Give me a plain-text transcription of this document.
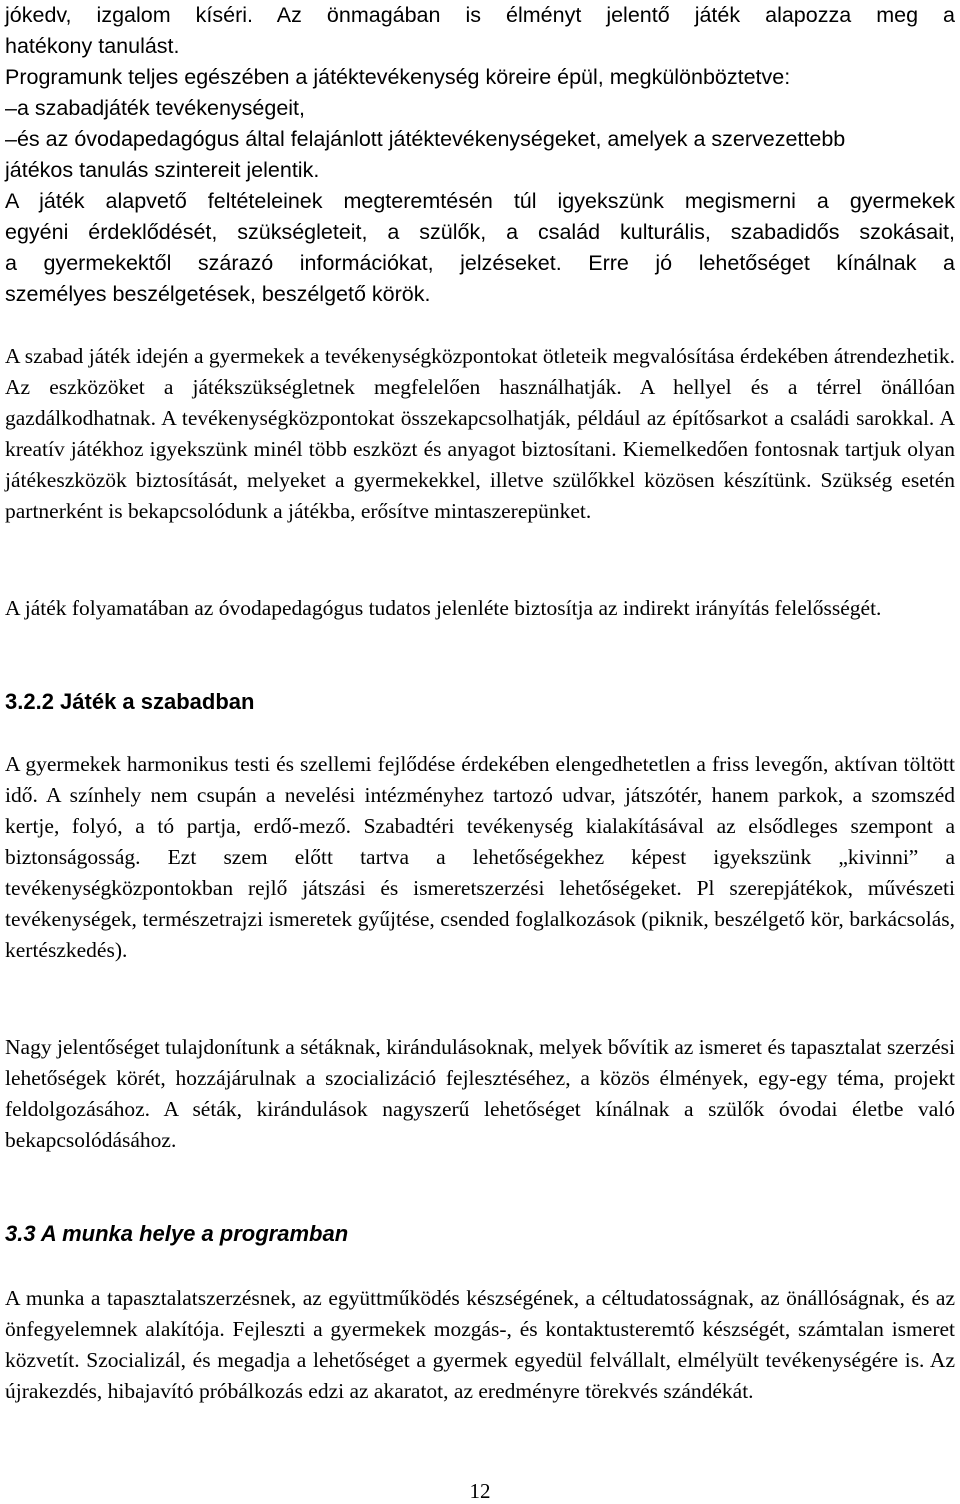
jókedv, izgalom kíséri. Az önmagában is élményt jelentő játék alapozza meg a
hatékony tanulást.
Programunk teljes egészében a játéktevékenység köreire épül, megkülönböztetve:
–a szabadjáték tevékenységeit,
–és az óvodapedagógus által felajánlott játéktevékenységeket, amelyek a szervezettebb
játékos tanulás szintereit jelentik.
A játék alapvető feltételeinek megteremtésén túl igyekszünk megismerni a gyermekek
egyéni érdeklődését, szükségleteit, a szülők, a család kulturális, szabadidős szokásait,
a gyermekektől szárazó információkat, jelzéseket. Erre jó lehetőséget kínálnak a
személyes beszélgetések, beszélgető körök.

A szabad játék idején a gyermekek a tevékenységközpontokat ötleteik megvalósítása érdekében átrendezhetik. Az eszközöket a játékszükségletnek megfelelően használhatják. A hellyel és a térrel önállóan gazdálkodhatnak. A tevékenységközpontokat összekapcsolhatják, például az építősarkot a családi sarokkal. A kreatív játékhoz igyekszünk minél több eszközt és anyagot biztosítani. Kiemelkedően fontosnak tartjuk olyan játékeszközök biztosítását, melyeket a gyermekekkel, illetve szülőkkel közösen készítünk. Szükség esetén partnerként is bekapcsolódunk a játékba, erősítve mintaszerepünket.

A játék folyamatában az óvodapedagógus tudatos jelenléte biztosítja az indirekt irányítás felelősségét.

3.2.2 Játék a szabadban

A gyermekek harmonikus testi és szellemi fejlődése érdekében elengedhetetlen a friss levegőn, aktívan töltött idő. A színhely nem csupán a nevelési intézményhez tartozó udvar, játszótér, hanem parkok, a szomszéd kertje, folyó, a tó partja, erdő-mező. Szabadtéri tevékenység kialakításával az elsődleges szempont a biztonságosság. Ezt szem előtt tartva a lehetőségekhez képest igyekszünk „kivinni” a tevékenységközpontokban rejlő játszási és ismeretszerzési lehetőségeket. Pl szerepjátékok, művészeti tevékenységek, természetrajzi ismeretek gyűjtése, csended foglalkozások (piknik, beszélgető kör, barkácsolás, kertészkedés).

Nagy jelentőséget tulajdonítunk a sétáknak, kirándulásoknak, melyek bővítik az ismeret és tapasztalat szerzési lehetőségek körét, hozzájárulnak a szocializáció fejlesztéséhez, a közös élmények, egy-egy téma, projekt feldolgozásához. A séták, kirándulások nagyszerű lehetőséget kínálnak a szülők óvodai életbe való bekapcsolódásához.

3.3 A munka helye a programban

A munka a tapasztalatszerzésnek, az együttműködés készségének, a céltudatosságnak, az önállóságnak, és az önfegyelemnek alakítója. Fejleszti a gyermekek mozgás-, és kontaktusteremtő készségét, számtalan ismeret közvetít. Szocializál, és megadja a lehetőséget a gyermek egyedül felvállalt, elmélyült tevékenységére is. Az újrakezdés, hibajavító próbálkozás edzi az akaratot, az eredményre törekvés szándékát.

12
